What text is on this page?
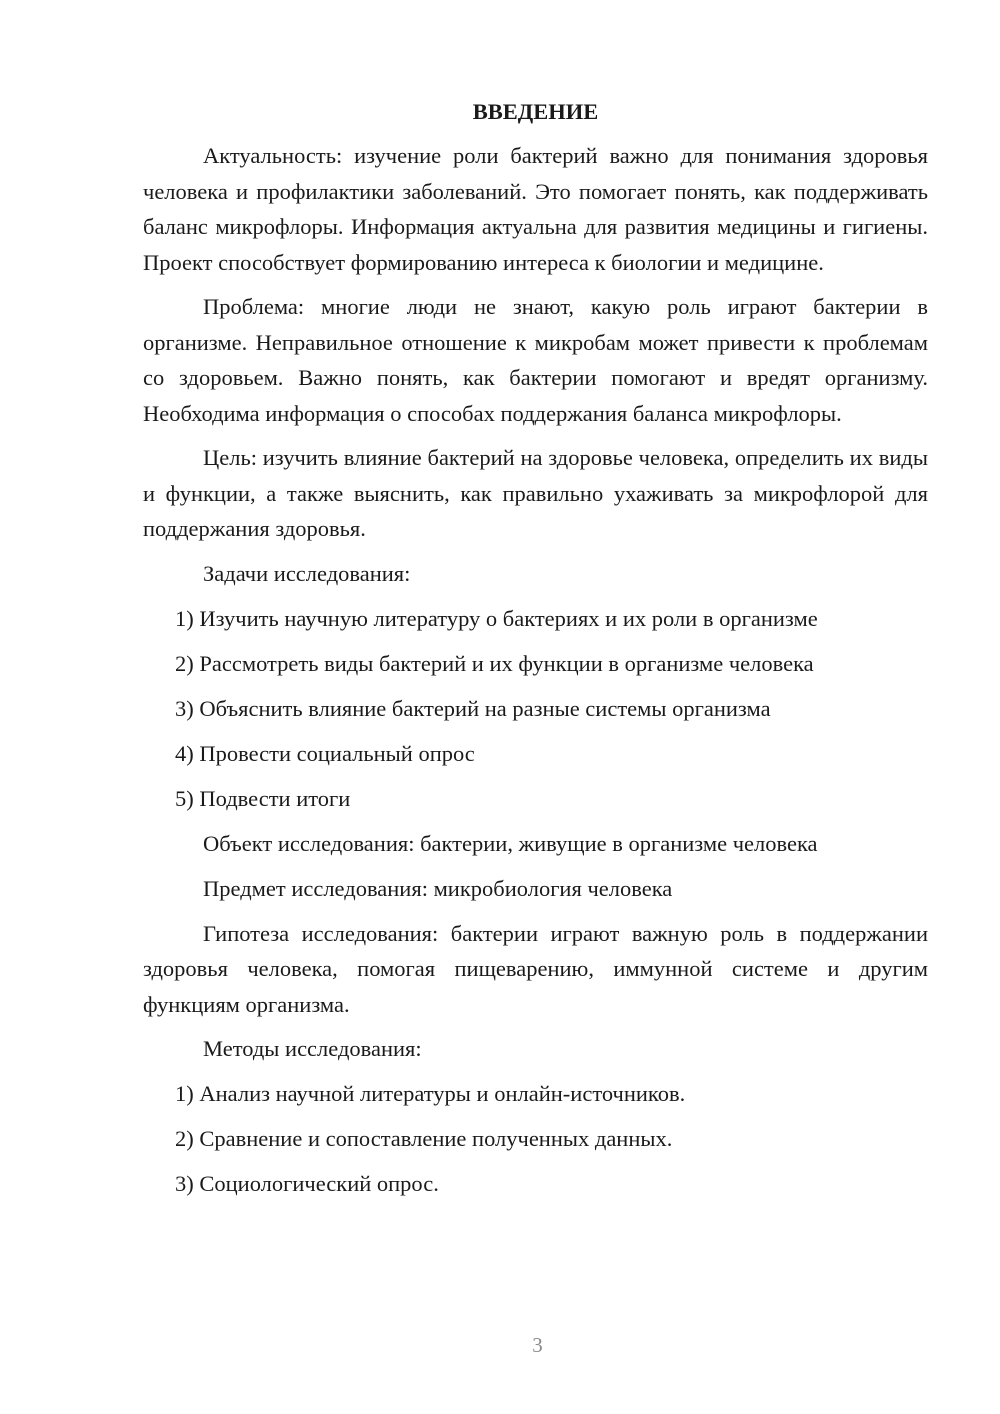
ВВЕДЕНИЕ

Актуальность: изучение роли бактерий важно для понимания здоровья человека и профилактики заболеваний. Это помогает понять, как поддерживать баланс микрофлоры. Информация актуальна для развития медицины и гигиены. Проект способствует формированию интереса к биологии и медицине.

Проблема: многие люди не знают, какую роль играют бактерии в организме. Неправильное отношение к микробам может привести к проблемам со здоровьем. Важно понять, как бактерии помогают и вредят организму. Необходима информация о способах поддержания баланса микрофлоры.

Цель: изучить влияние бактерий на здоровье человека, определить их виды и функции, а также выяснить, как правильно ухаживать за микрофлорой для поддержания здоровья.

Задачи исследования:
1) Изучить научную литературу о бактериях и их роли в организме
2) Рассмотреть виды бактерий и их функции в организме человека
3) Объяснить влияние бактерий на разные системы организма
4) Провести социальный опрос
5) Подвести итоги
Объект исследования: бактерии, живущие в организме человека
Предмет исследования: микробиология человека

Гипотеза исследования: бактерии играют важную роль в поддержании здоровья человека, помогая пищеварению, иммунной системе и другим функциям организма.

Методы исследования:
1) Анализ научной литературы и онлайн-источников.
2) Сравнение и сопоставление полученных данных.
3) Социологический опрос.
3
